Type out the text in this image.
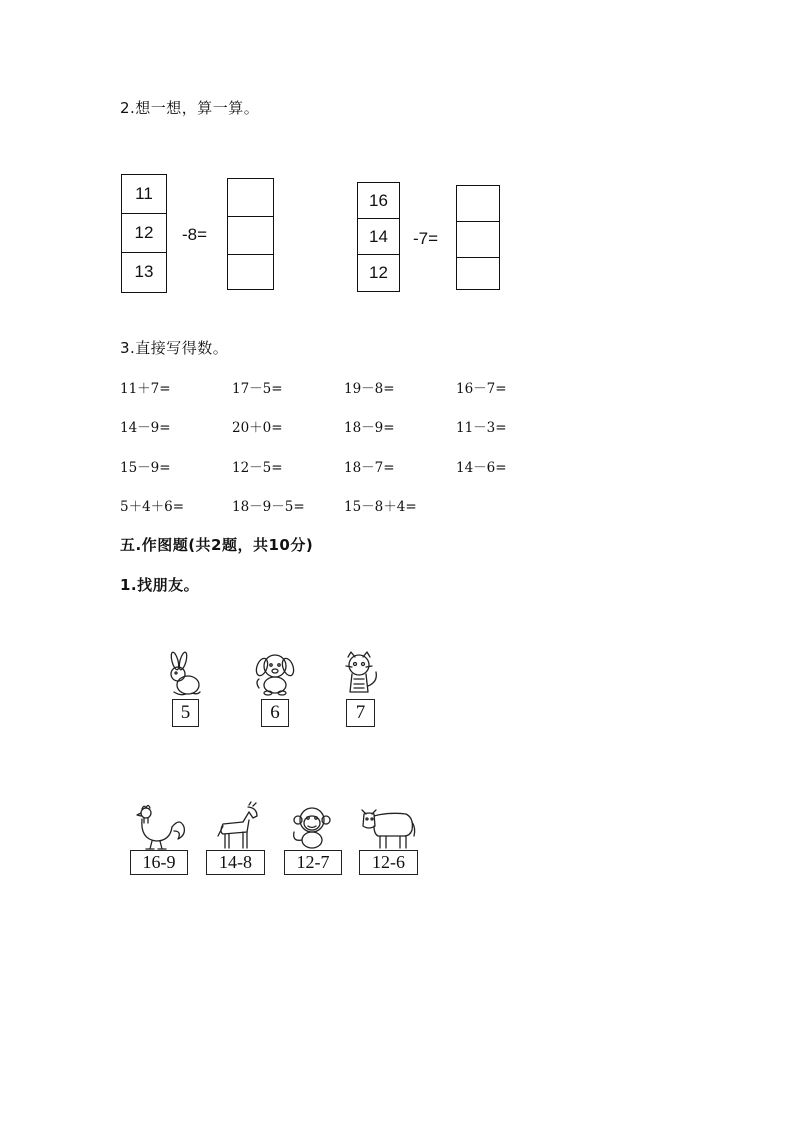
2.想一想，算一算。
11
12
13
-8=
16
14
12
-7=
3.直接写得数。
11＋7=	17－5=	19－8=	16－7=
14－9=	20＋0=	18－9=	11－3=
15－9=	12－5=	18－7=	14－6=
5＋4＋6=	18－9－5=	15－8＋4=
五.作图题(共2题，共10分)
1.找朋友。
5	6	7
16-9	14-8	12-7	12-6
